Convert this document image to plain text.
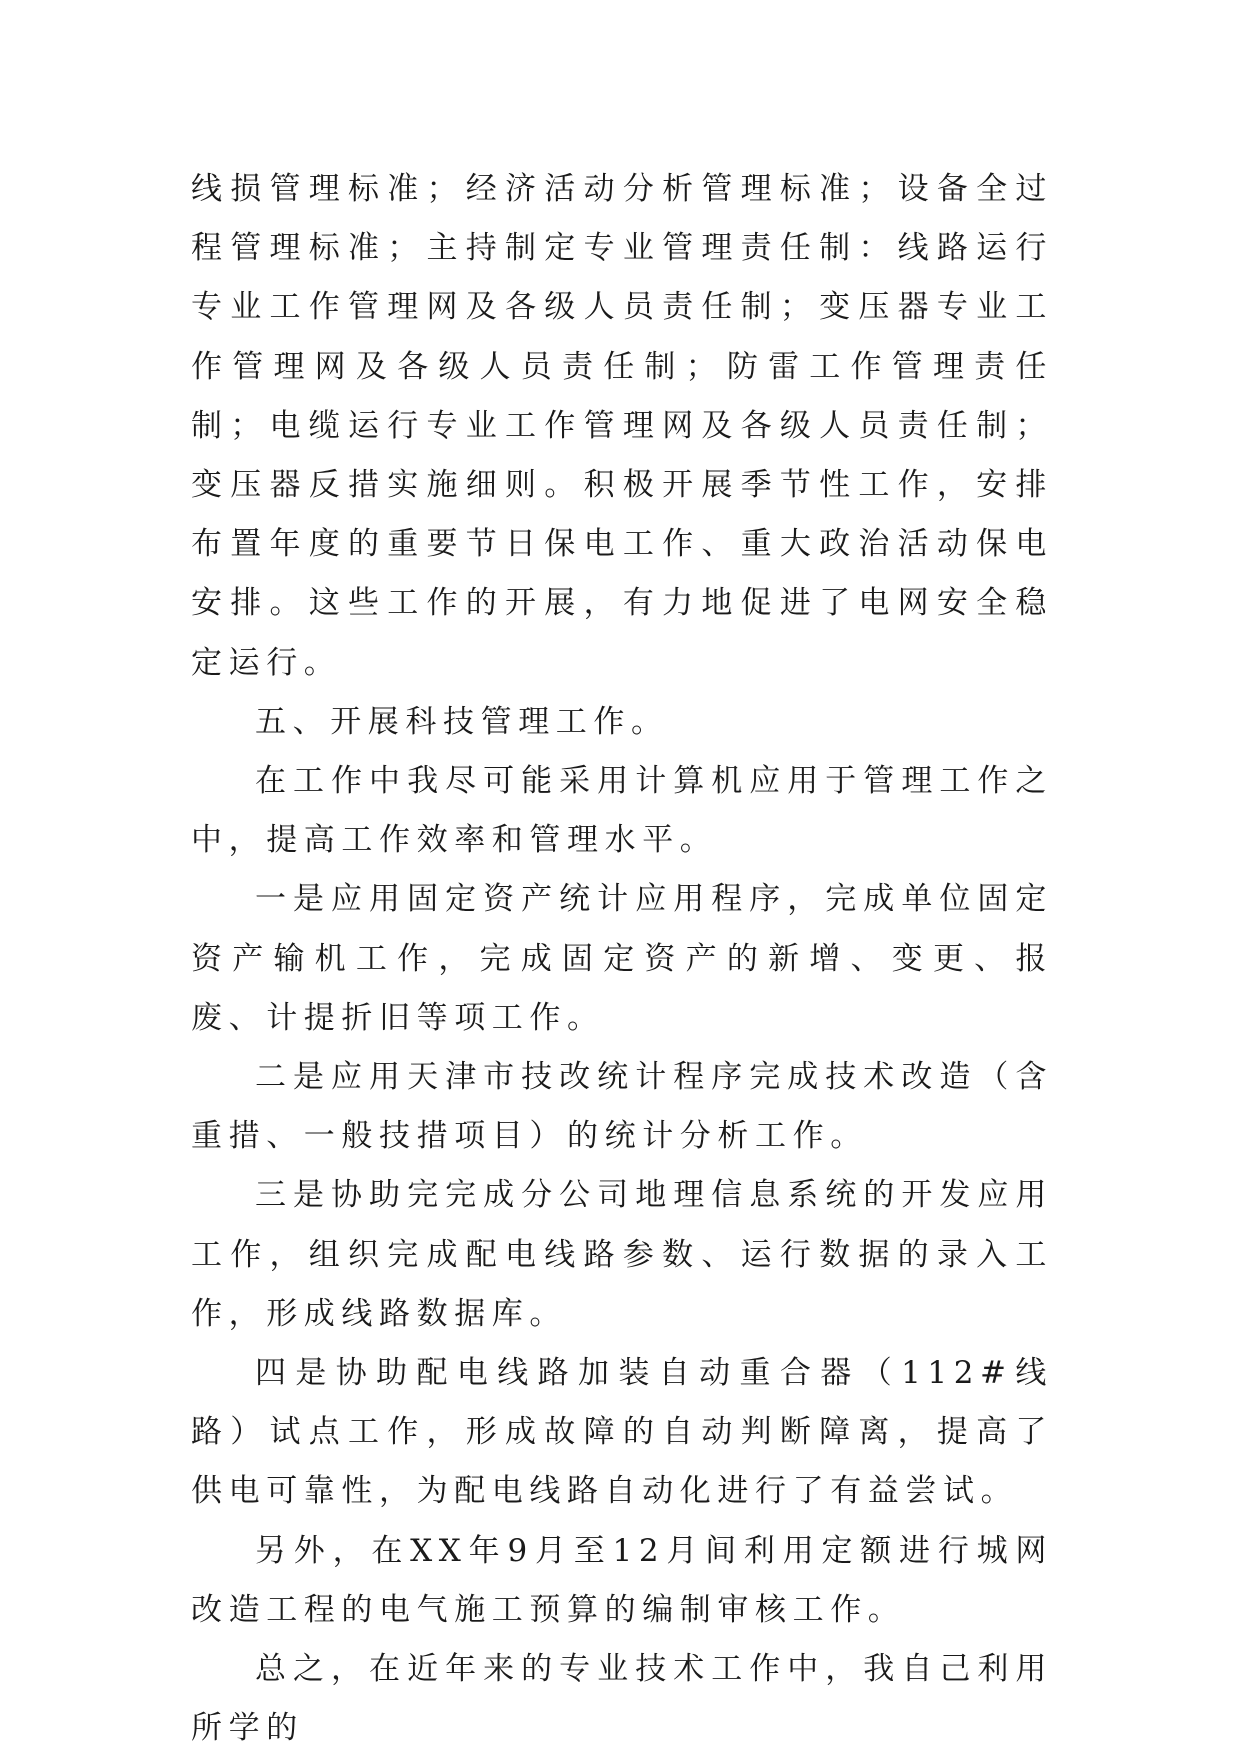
线损管理标准；经济活动分析管理标准；设备全过程管理标准；主持制定专业管理责任制：线路运行专业工作管理网及各级人员责任制；变压器专业工作管理网及各级人员责任制；防雷工作管理责任制；电缆运行专业工作管理网及各级人员责任制；变压器反措实施细则。积极开展季节性工作，安排布置年度的重要节日保电工作、重大政治活动保电安排。这些工作的开展，有力地促进了电网安全稳定运行。

五、开展科技管理工作。

在工作中我尽可能采用计算机应用于管理工作之中，提高工作效率和管理水平。

一是应用固定资产统计应用程序，完成单位固定资产输机工作，完成固定资产的新增、变更、报废、计提折旧等项工作。

二是应用天津市技改统计程序完成技术改造（含重措、一般技措项目）的统计分析工作。

三是协助完完成分公司地理信息系统的开发应用工作，组织完成配电线路参数、运行数据的录入工作，形成线路数据库。

四是协助配电线路加装自动重合器（112#线路）试点工作，形成故障的自动判断障离，提高了供电可靠性，为配电线路自动化进行了有益尝试。

另外，在XX年9月至12月间利用定额进行城网改造工程的电气施工预算的编制审核工作。

总之，在近年来的专业技术工作中，我自己利用所学的
